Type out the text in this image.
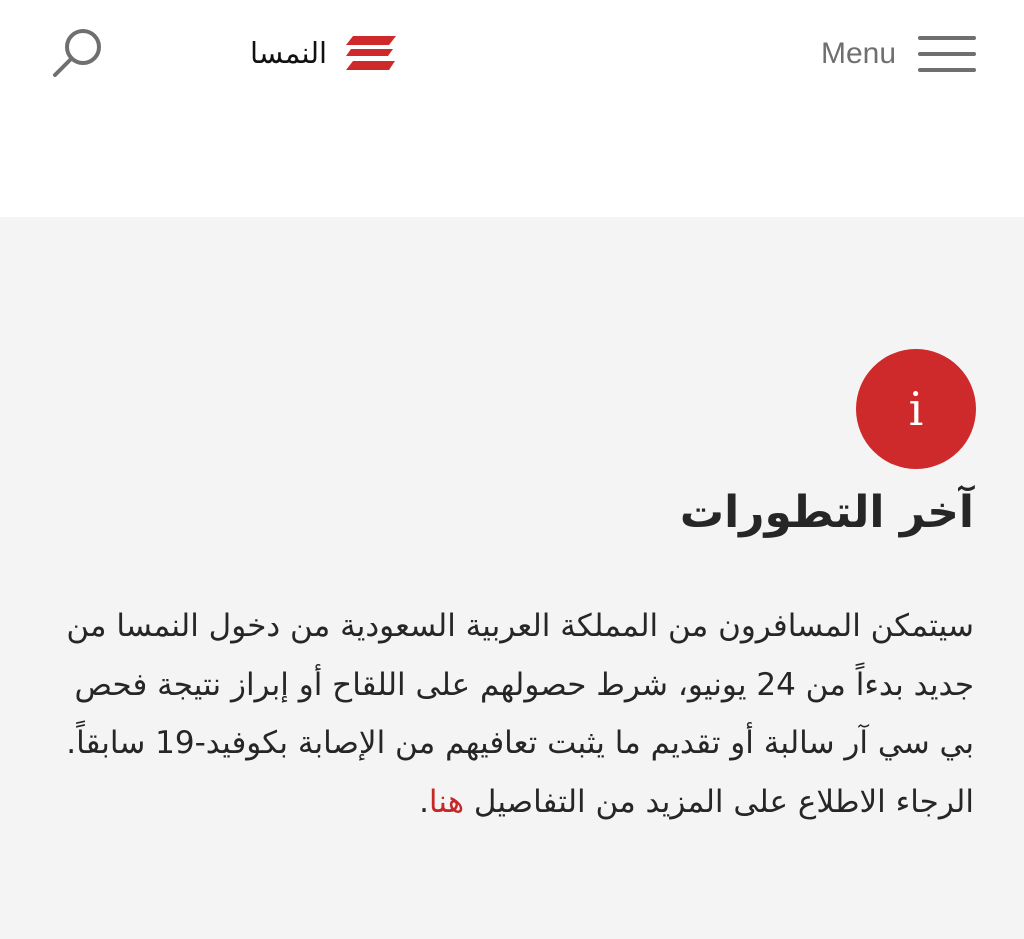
النمسا	Menu
i
آخر التطورات

سيتمكن المسافرون من المملكة العربية السعودية من دخول النمسا من جديد بدءاً من 24 يونيو، شرط حصولهم على اللقاح أو إبراز نتيجة فحص بي سي آر سالبة أو تقديم ما يثبت تعافيهم من الإصابة بكوفيد-19 سابقاً. الرجاء الاطلاع على المزيد من التفاصيل هنا.
